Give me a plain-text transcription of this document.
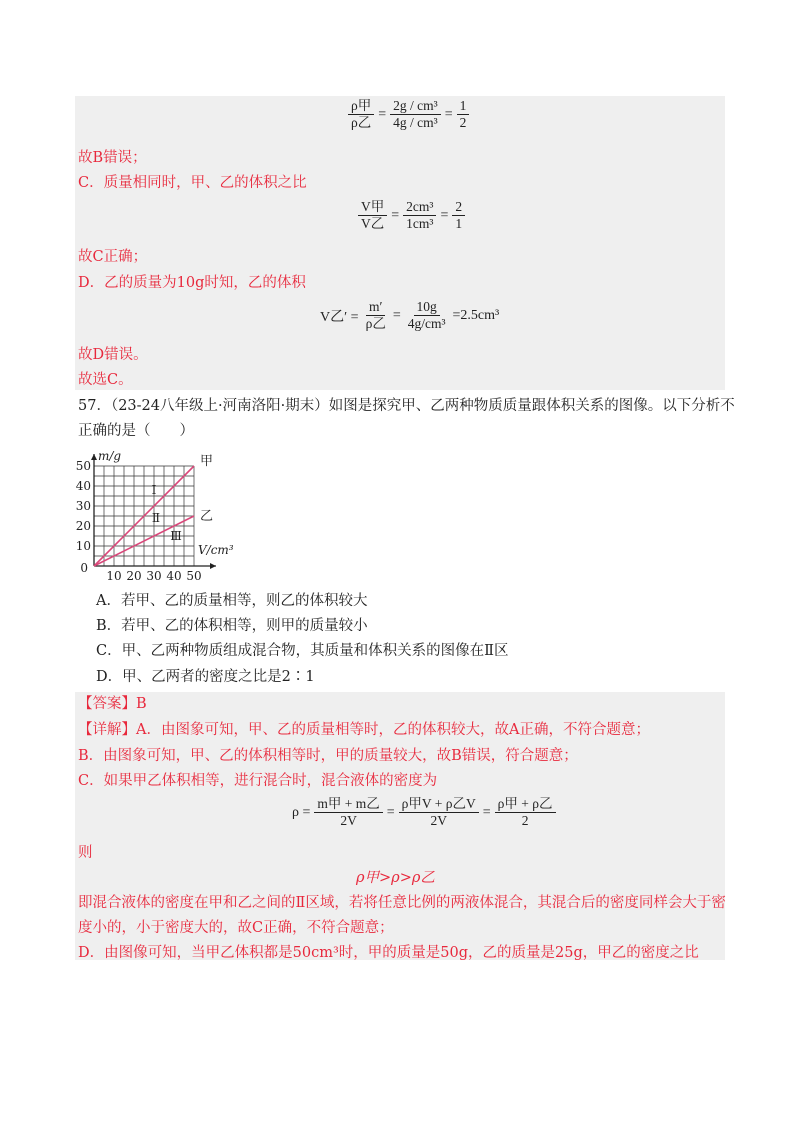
$\frac{\text{ρ甲}}{\text{ρ乙}} = \frac{\text{2g / cm³}}{\text{4g / cm³}} = \frac{1}{2}$
故B错误；
C．质量相同时，甲、乙的体积之比
$\frac{\text{V甲}}{\text{V乙}} = \frac{\text{2cm³}}{\text{1cm³}} = \frac{2}{1}$
故C正确；
D．乙的质量为10g时知，乙的体积
V乙′ = $\frac{m'}{\text{ρ乙}} = \frac{10g}{\text{4g/cm³}} =2.5cm^3$
故D错误。
故选C。
57．（23-24八年级上·河南洛阳·期末）如图是探究甲、乙两种物质质量跟体积关系的图像。以下分析不
正确的是（　　）
甲
乙
10
20
30
40
50
10 20 30 40 50
0
m/g
V/cm³
Ⅰ
Ⅱ
Ⅲ
A．若甲、乙的质量相等，则乙的体积较大
B．若甲、乙的体积相等，则甲的质量较小
C．甲、乙两种物质组成混合物，其质量和体积关系的图像在Ⅱ区
D．甲、乙两者的密度之比是2∶1
【答案】B
【详解】A．由图象可知，甲、乙的质量相等时，乙的体积较大，故A正确，不符合题意；
B．由图象可知，甲、乙的体积相等时，甲的质量较大，故B错误，符合题意；
C．如果甲乙体积相等，进行混合时，混合液体的密度为
$\rho = \frac{\text{m甲 + m乙}}{2V} = \frac{\text{ρ甲V + ρ乙V}}{2V} = \frac{\text{ρ甲 + ρ乙}}{2}$
则
ρ甲>ρ>ρ乙
即混合液体的密度在甲和乙之间的Ⅱ区域，若将任意比例的两液体混合，其混合后的密度同样会大于密
度小的，小于密度大的，故C正确，不符合题意；
D．由图像可知，当甲乙体积都是50cm³时，甲的质量是50g，乙的质量是25g，甲乙的密度之比
